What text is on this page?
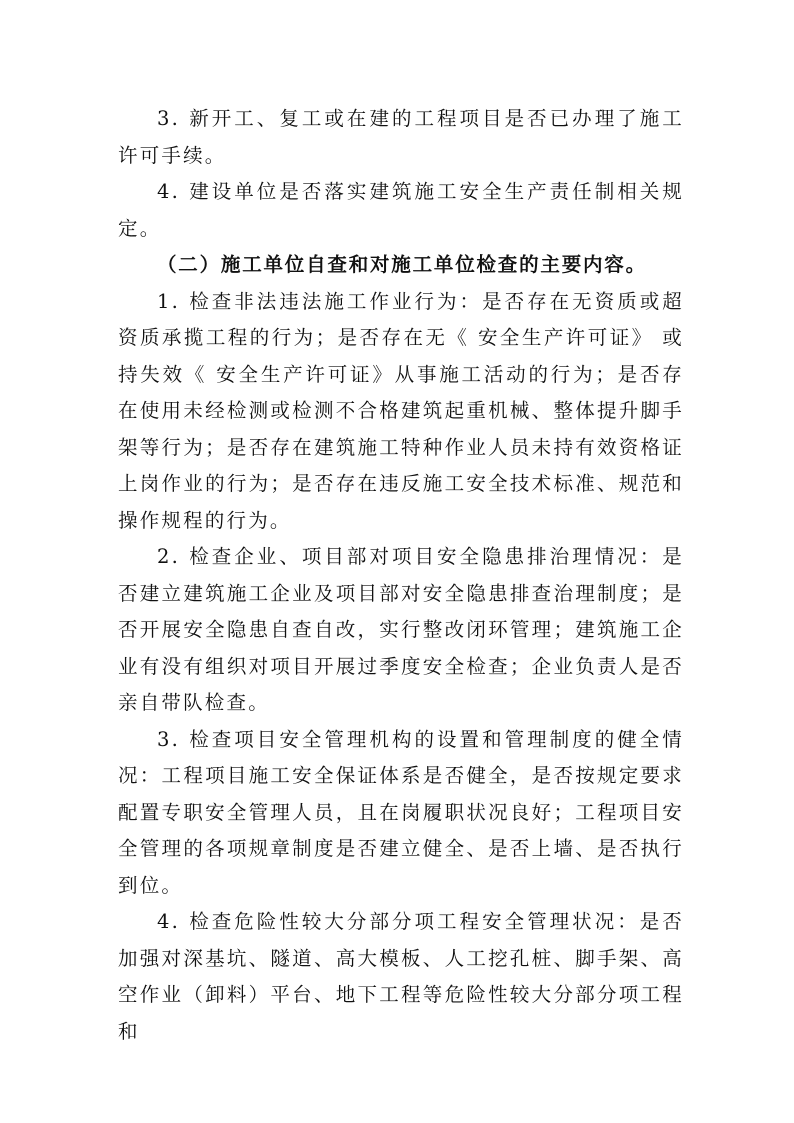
3. 新开工、复工或在建的工程项目是否已办理了施工许可手续。

4. 建设单位是否落实建筑施工安全生产责任制相关规定。

（二）施工单位自查和对施工单位检查的主要内容。

1. 检查非法违法施工作业行为：是否存在无资质或超资质承揽工程的行为；是否存在无《 安全生产许可证》 或持失效《 安全生产许可证》从事施工活动的行为；是否存在使用未经检测或检测不合格建筑起重机械、整体提升脚手架等行为；是否存在建筑施工特种作业人员未持有效资格证上岗作业的行为；是否存在违反施工安全技术标准、规范和操作规程的行为。

2. 检查企业、项目部对项目安全隐患排治理情况：是否建立建筑施工企业及项目部对安全隐患排查治理制度；是否开展安全隐患自查自改，实行整改闭环管理；建筑施工企业有没有组织对项目开展过季度安全检查；企业负责人是否亲自带队检查。

3. 检查项目安全管理机构的设置和管理制度的健全情况：工程项目施工安全保证体系是否健全，是否按规定要求配置专职安全管理人员，且在岗履职状况良好；工程项目安全管理的各项规章制度是否建立健全、是否上墙、是否执行到位。

4. 检查危险性较大分部分项工程安全管理状况：是否加强对深基坑、隧道、高大模板、人工挖孔桩、脚手架、高空作业（卸料）平台、地下工程等危险性较大分部分项工程和
